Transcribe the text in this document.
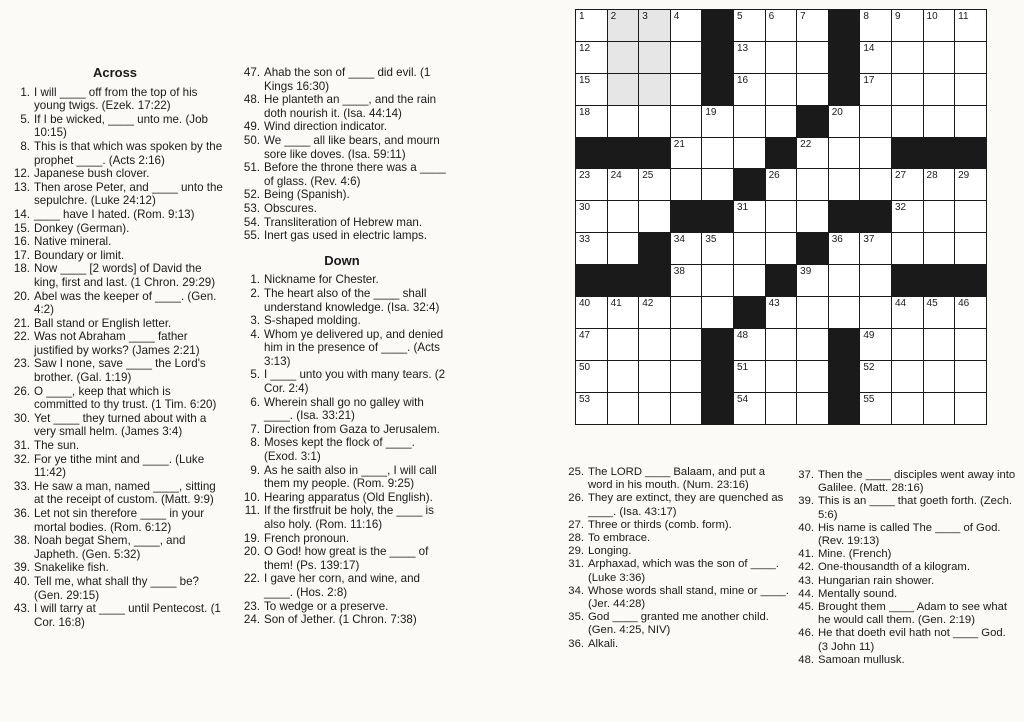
Across
1. I will ____ off from the top of his young twigs. (Ezek. 17:22)
5. If I be wicked, ____ unto me. (Job 10:15)
8. This is that which was spoken by the prophet ____. (Acts 2:16)
12. Japanese bush clover.
13. Then arose Peter, and ____ unto the sepulchre. (Luke 24:12)
14. ____ have I hated. (Rom. 9:13)
15. Donkey (German).
16. Native mineral.
17. Boundary or limit.
18. Now ____ [2 words] of David the king, first and last. (1 Chron. 29:29)
20. Abel was the keeper of ____. (Gen. 4:2)
21. Ball stand or English letter.
22. Was not Abraham ____ father justified by works? (James 2:21)
23. Saw I none, save ____ the Lord's brother. (Gal. 1:19)
26. O ____, keep that which is committed to thy trust. (1 Tim. 6:20)
30. Yet ____ they turned about with a very small helm. (James 3:4)
31. The sun.
32. For ye tithe mint and ____. (Luke 11:42)
33. He saw a man, named ____, sitting at the receipt of custom. (Matt. 9:9)
36. Let not sin therefore ____ in your mortal bodies. (Rom. 6:12)
38. Noah begat Shem, ____, and Japheth. (Gen. 5:32)
39. Snakelike fish.
40. Tell me, what shall thy ____ be? (Gen. 29:15)
43. I will tarry at ____ until Pentecost. (1 Cor. 16:8)
47. Ahab the son of ____ did evil. (1 Kings 16:30)
48. He planteth an ____, and the rain doth nourish it. (Isa. 44:14)
49. Wind direction indicator.
50. We ____ all like bears, and mourn sore like doves. (Isa. 59:11)
51. Before the throne there was a ____ of glass. (Rev. 4:6)
52. Being (Spanish).
53. Obscures.
54. Transliteration of Hebrew man.
55. Inert gas used in electric lamps.
Down
1. Nickname for Chester.
2. The heart also of the ____ shall understand knowledge. (Isa. 32:4)
3. S-shaped molding.
4. Whom ye delivered up, and denied him in the presence of ____. (Acts 3:13)
5. I ____ unto you with many tears. (2 Cor. 2:4)
6. Wherein shall go no galley with ____. (Isa. 33:21)
7. Direction from Gaza to Jerusalem.
8. Moses kept the flock of ____. (Exod. 3:1)
9. As he saith also in ____, I will call them my people. (Rom. 9:25)
10. Hearing apparatus (Old English).
11. If the firstfruit be holy, the ____ is also holy. (Rom. 11:16)
19. French pronoun.
20. O God! how great is the ____ of them! (Ps. 139:17)
22. I gave her corn, and wine, and ____. (Hos. 2:8)
23. To wedge or a preserve.
24. Son of Jether. (1 Chron. 7:38)
1	2	3	4		5	6	7		8	9	10	11

12					13				14			

15					16				17			

18				19				20				

			21				22					

23	24	25				26				27	28	29

30					31					32		

33			34	35				36	37			

			38				39					

40	41	42				43				44	45	46

47					48				49			

50					51				52			

53					54				55			

25. The LORD ____ Balaam, and put a word in his mouth. (Num. 23:16)
26. They are extinct, they are quenched as ____. (Isa. 43:17)
27. Three or thirds (comb. form).
28. To embrace.
29. Longing.
31. Arphaxad, which was the son of ____. (Luke 3:36)
34. Whose words shall stand, mine or ____. (Jer. 44:28)
35. God ____ granted me another child. (Gen. 4:25, NIV)
36. Alkali.
37. Then the ____ disciples went away into Galilee. (Matt. 28:16)
39. This is an ____ that goeth forth. (Zech. 5:6)
40. His name is called The ____ of God. (Rev. 19:13)
41. Mine. (French)
42. One-thousandth of a kilogram.
43. Hungarian rain shower.
44. Mentally sound.
45. Brought them ____ Adam to see what he would call them. (Gen. 2:19)
46. He that doeth evil hath not ____ God. (3 John 11)
48. Samoan mullusk.
